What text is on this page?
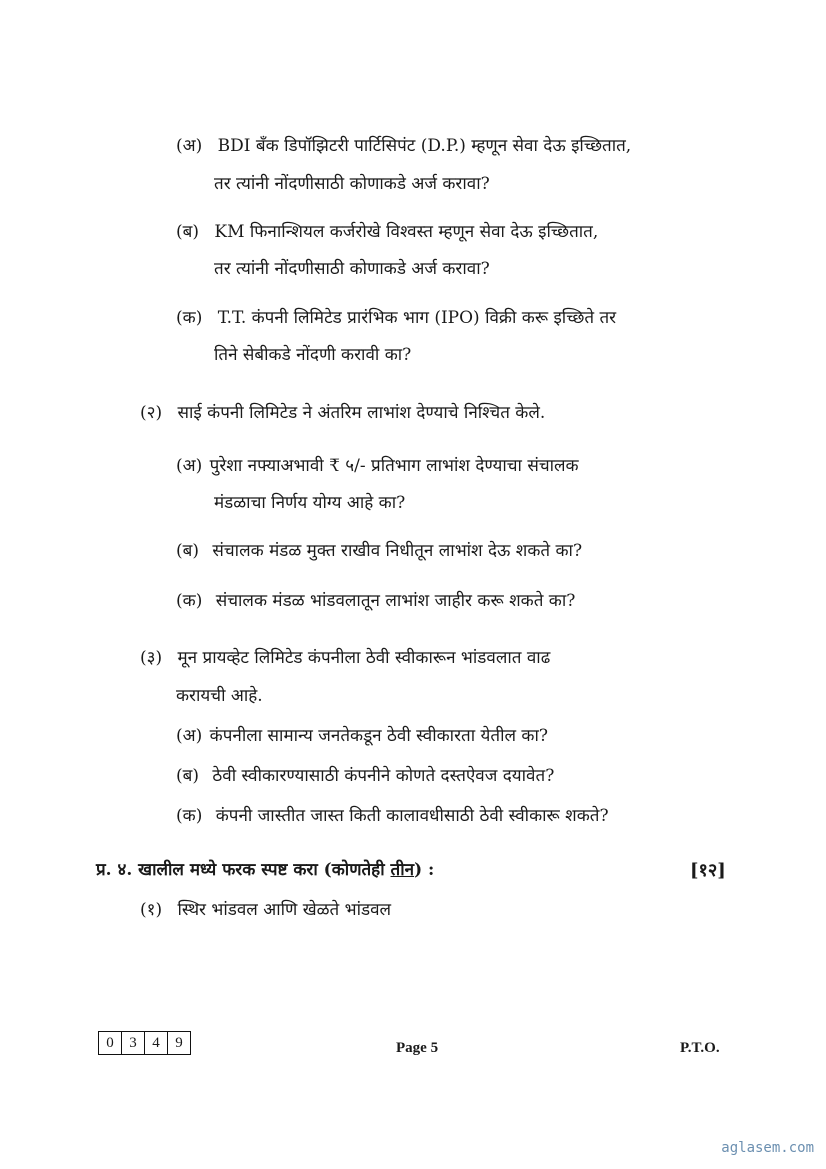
(अ) BDI बँक डिपॉझिटरी पार्टिसिपंट (D.P.) म्हणून सेवा देऊ इच्छितात,
तर त्यांनी नोंदणीसाठी कोणाकडे अर्ज करावा?
(ब) KM फिनान्शियल कर्जरोखे विश्वस्त म्हणून सेवा देऊ इच्छितात,
तर त्यांनी नोंदणीसाठी कोणाकडे अर्ज करावा?
(क) T.T. कंपनी लिमिटेड प्रारंभिक भाग (IPO) विक्री करू इच्छिते तर
तिने सेबीकडे नोंदणी करावी का?
(२) साई कंपनी लिमिटेड ने अंतरिम लाभांश देण्याचे निश्चित केले.
(अ) पुरेशा नफ्याअभावी ₹ ५/- प्रतिभाग लाभांश देण्याचा संचालक
मंडळाचा निर्णय योग्य आहे का?
(ब) संचालक मंडळ मुक्त राखीव निधीतून लाभांश देऊ शकते का?
(क) संचालक मंडळ भांडवलातून लाभांश जाहीर करू शकते का?
(३) मून प्रायव्हेट लिमिटेड कंपनीला ठेवी स्वीकारून भांडवलात वाढ
करायची आहे.
(अ) कंपनीला सामान्य जनतेकडून ठेवी स्वीकारता येतील का?
(ब) ठेवी स्वीकारण्यासाठी कंपनीने कोणते दस्तऐवज दयावेत?
(क) कंपनी जास्तीत जास्त किती कालावधीसाठी ठेवी स्वीकारू शकते?
प्र. ४. खालील मध्ये फरक स्पष्ट करा (कोणतेही तीन) :	[१२]
(१) स्थिर भांडवल आणि खेळते भांडवल
0	3	4	9	Page 5	P.T.O.
aglasem.com
